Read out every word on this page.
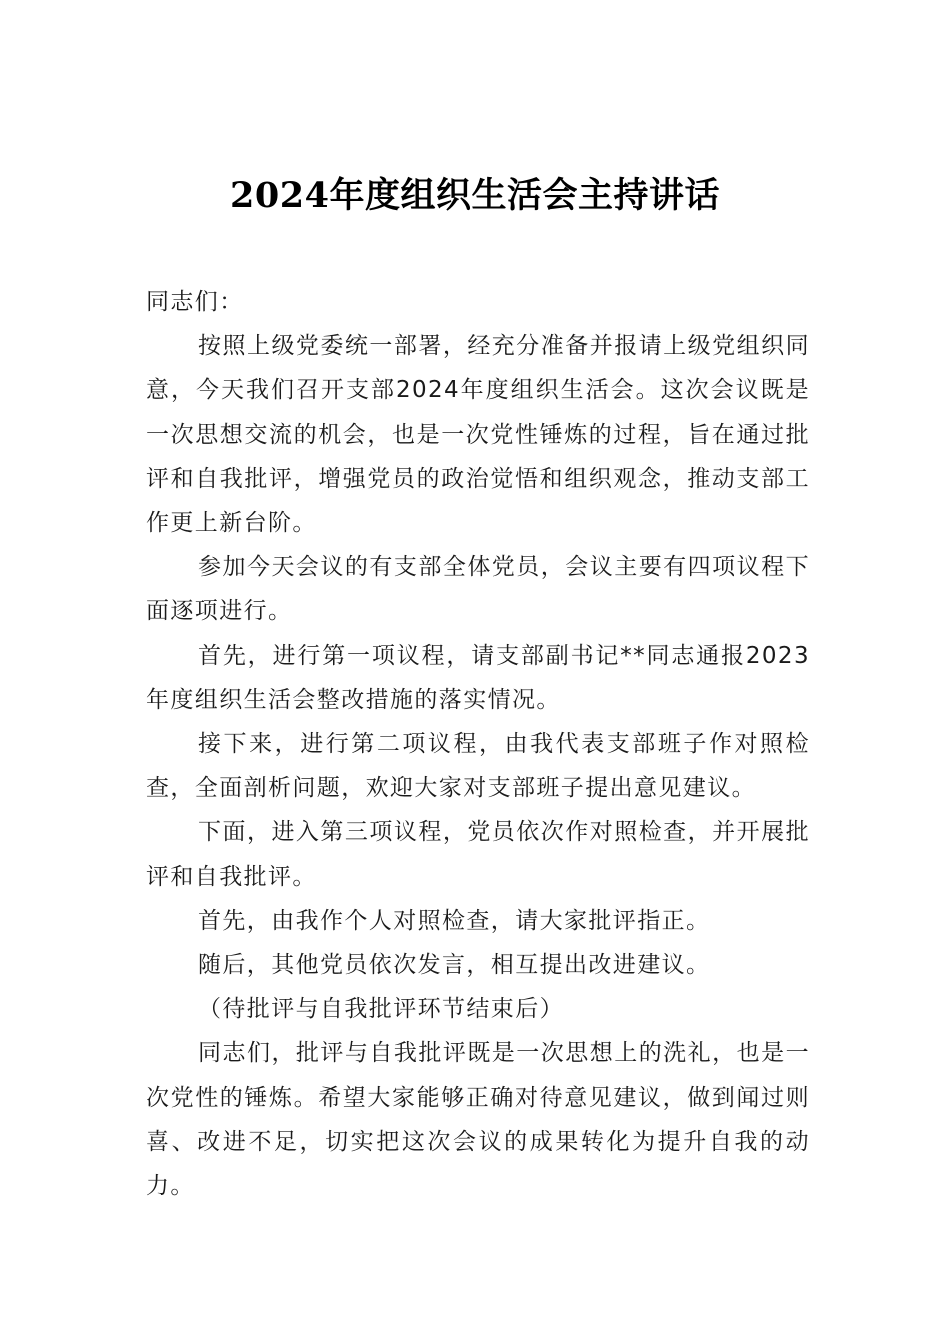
2024年度组织生活会主持讲话

同志们：

按照上级党委统一部署，经充分准备并报请上级党组织同意，今天我们召开支部2024年度组织生活会。这次会议既是一次思想交流的机会，也是一次党性锤炼的过程，旨在通过批评和自我批评，增强党员的政治觉悟和组织观念，推动支部工作更上新台阶。

参加今天会议的有支部全体党员，会议主要有四项议程下面逐项进行。

首先，进行第一项议程，请支部副书记**同志通报2023年度组织生活会整改措施的落实情况。

接下来，进行第二项议程，由我代表支部班子作对照检查，全面剖析问题，欢迎大家对支部班子提出意见建议。

下面，进入第三项议程，党员依次作对照检查，并开展批评和自我批评。

首先，由我作个人对照检查，请大家批评指正。

随后，其他党员依次发言，相互提出改进建议。

（待批评与自我批评环节结束后）

同志们，批评与自我批评既是一次思想上的洗礼，也是一次党性的锤炼。希望大家能够正确对待意见建议，做到闻过则喜、改进不足，切实把这次会议的成果转化为提升自我的动力。
